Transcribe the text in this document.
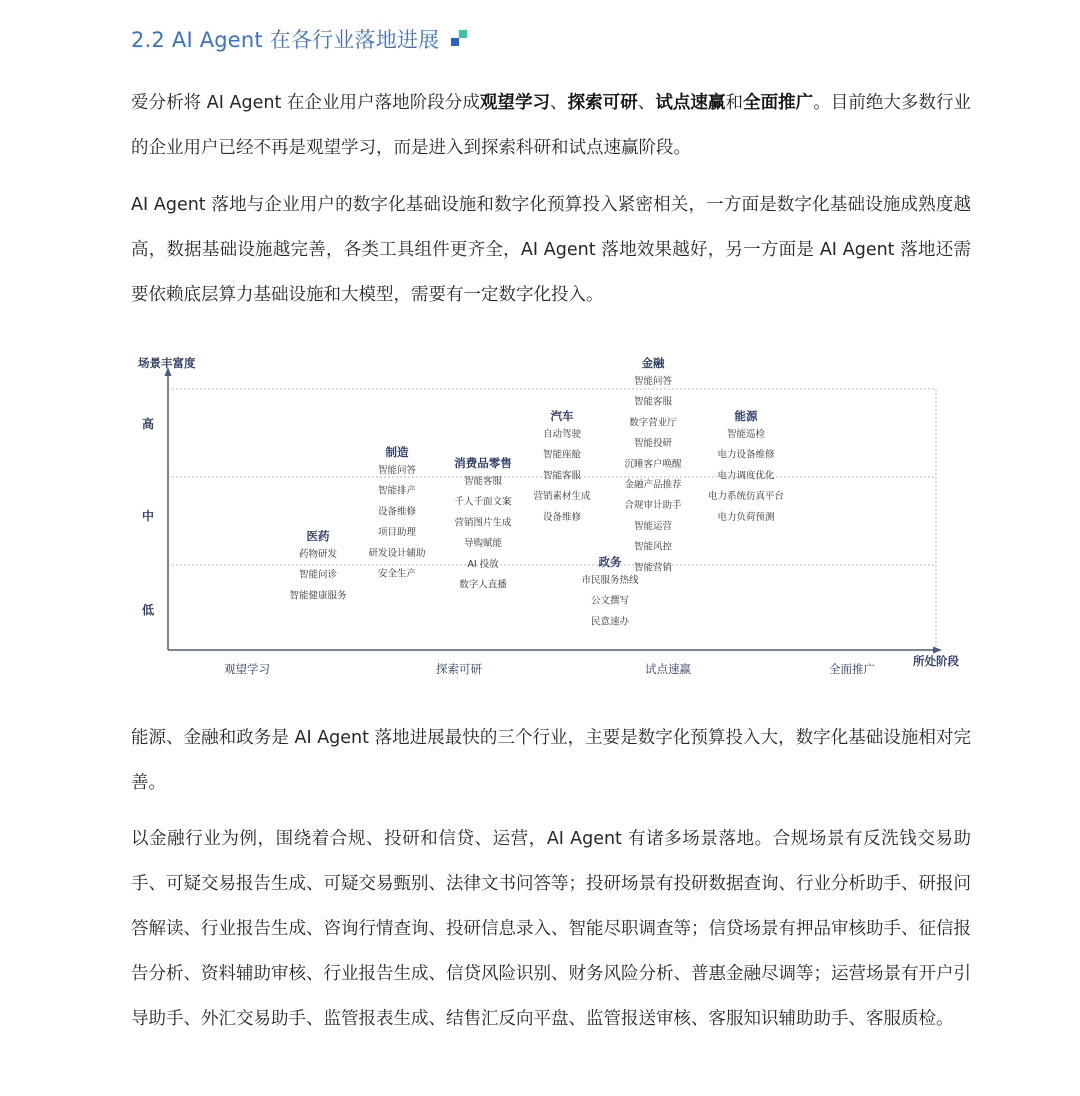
2.2 AI Agent 在各行业落地进展

爱分析将 AI Agent 在企业用户落地阶段分成观望学习、探索可研、试点速赢和全面推广。目前绝大多数行业的企业用户已经不再是观望学习，而是进入到探索科研和试点速赢阶段。

AI Agent 落地与企业用户的数字化基础设施和数字化预算投入紧密相关，一方面是数字化基础设施成熟度越高，数据基础设施越完善，各类工具组件更齐全，AI Agent 落地效果越好，另一方面是 AI Agent 落地还需要依赖底层算力基础设施和大模型，需要有一定数字化投入。

场景丰富度
所处阶段
高
中
低
观望学习	探索可研	试点速赢	全面推广
医药
药物研发
智能问诊
智能健康服务
制造
智能问答
智能排产
设备维修
项目助理
研发设计辅助
安全生产
消费品零售
智能客服
千人千面文案
营销图片生成
导购赋能
AI 投放
数字人直播
汽车
自动驾驶
智能座舱
智能客服
营销素材生成
设备维修
金融
智能问答
智能客服
数字营业厅
智能投研
沉睡客户唤醒
金融产品推荐
合规审计助手
智能运营
智能风控
智能营销
政务
市民服务热线
公文撰写
民意速办
能源
智能巡检
电力设备维修
电力调度优化
电力系统仿真平台
电力负荷预测

能源、金融和政务是 AI Agent 落地进展最快的三个行业，主要是数字化预算投入大，数字化基础设施相对完善。

以金融行业为例，围绕着合规、投研和信贷、运营，AI Agent 有诸多场景落地。合规场景有反洗钱交易助手、可疑交易报告生成、可疑交易甄别、法律文书问答等；投研场景有投研数据查询、行业分析助手、研报问答解读、行业报告生成、咨询行情查询、投研信息录入、智能尽职调查等；信贷场景有押品审核助手、征信报告分析、资料辅助审核、行业报告生成、信贷风险识别、财务风险分析、普惠金融尽调等；运营场景有开户引导助手、外汇交易助手、监管报表生成、结售汇反向平盘、监管报送审核、客服知识辅助助手、客服质检。
